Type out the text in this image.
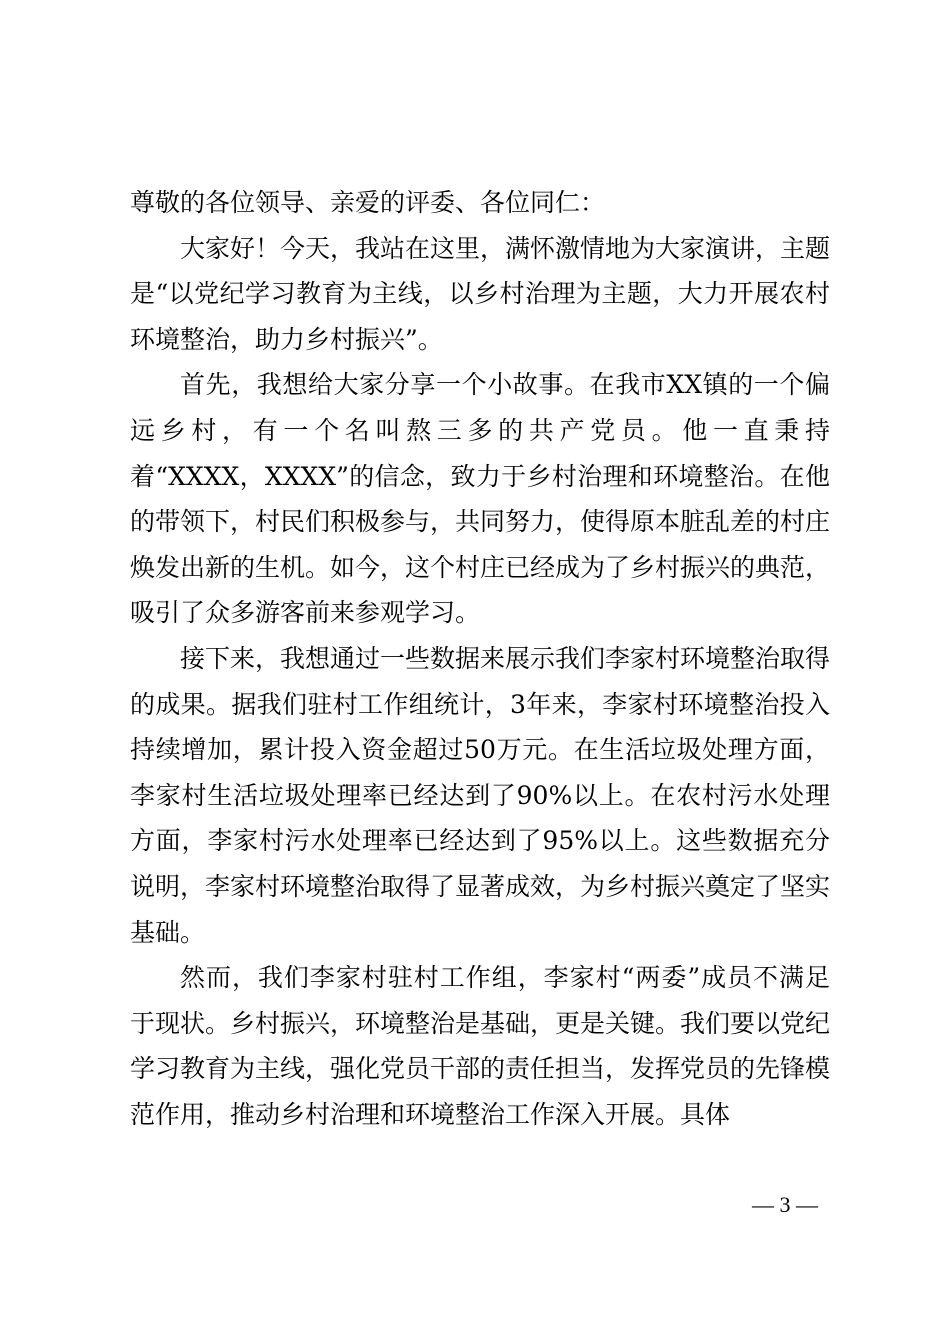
尊敬的各位领导、亲爱的评委、各位同仁：

大家好！今天，我站在这里，满怀激情地为大家演讲，主题是“以党纪学习教育为主线，以乡村治理为主题，大力开展农村环境整治，助力乡村振兴”。

首先，我想给大家分享一个小故事。在我市XX镇的一个偏远乡村，有一个名叫熬三多的共产党员。他一直秉持着“XXXX，XXXX”的信念，致力于乡村治理和环境整治。在他的带领下，村民们积极参与，共同努力，使得原本脏乱差的村庄焕发出新的生机。如今，这个村庄已经成为了乡村振兴的典范，吸引了众多游客前来参观学习。

接下来，我想通过一些数据来展示我们李家村环境整治取得的成果。据我们驻村工作组统计，3年来，李家村环境整治投入持续增加，累计投入资金超过50万元。在生活垃圾处理方面，李家村生活垃圾处理率已经达到了90%以上。在农村污水处理方面，李家村污水处理率已经达到了95%以上。这些数据充分说明，李家村环境整治取得了显著成效，为乡村振兴奠定了坚实基础。

然而，我们李家村驻村工作组，李家村“两委”成员不满足于现状。乡村振兴，环境整治是基础，更是关键。我们要以党纪学习教育为主线，强化党员干部的责任担当，发挥党员的先锋模范作用，推动乡村治理和环境整治工作深入开展。具体

— 3 —
